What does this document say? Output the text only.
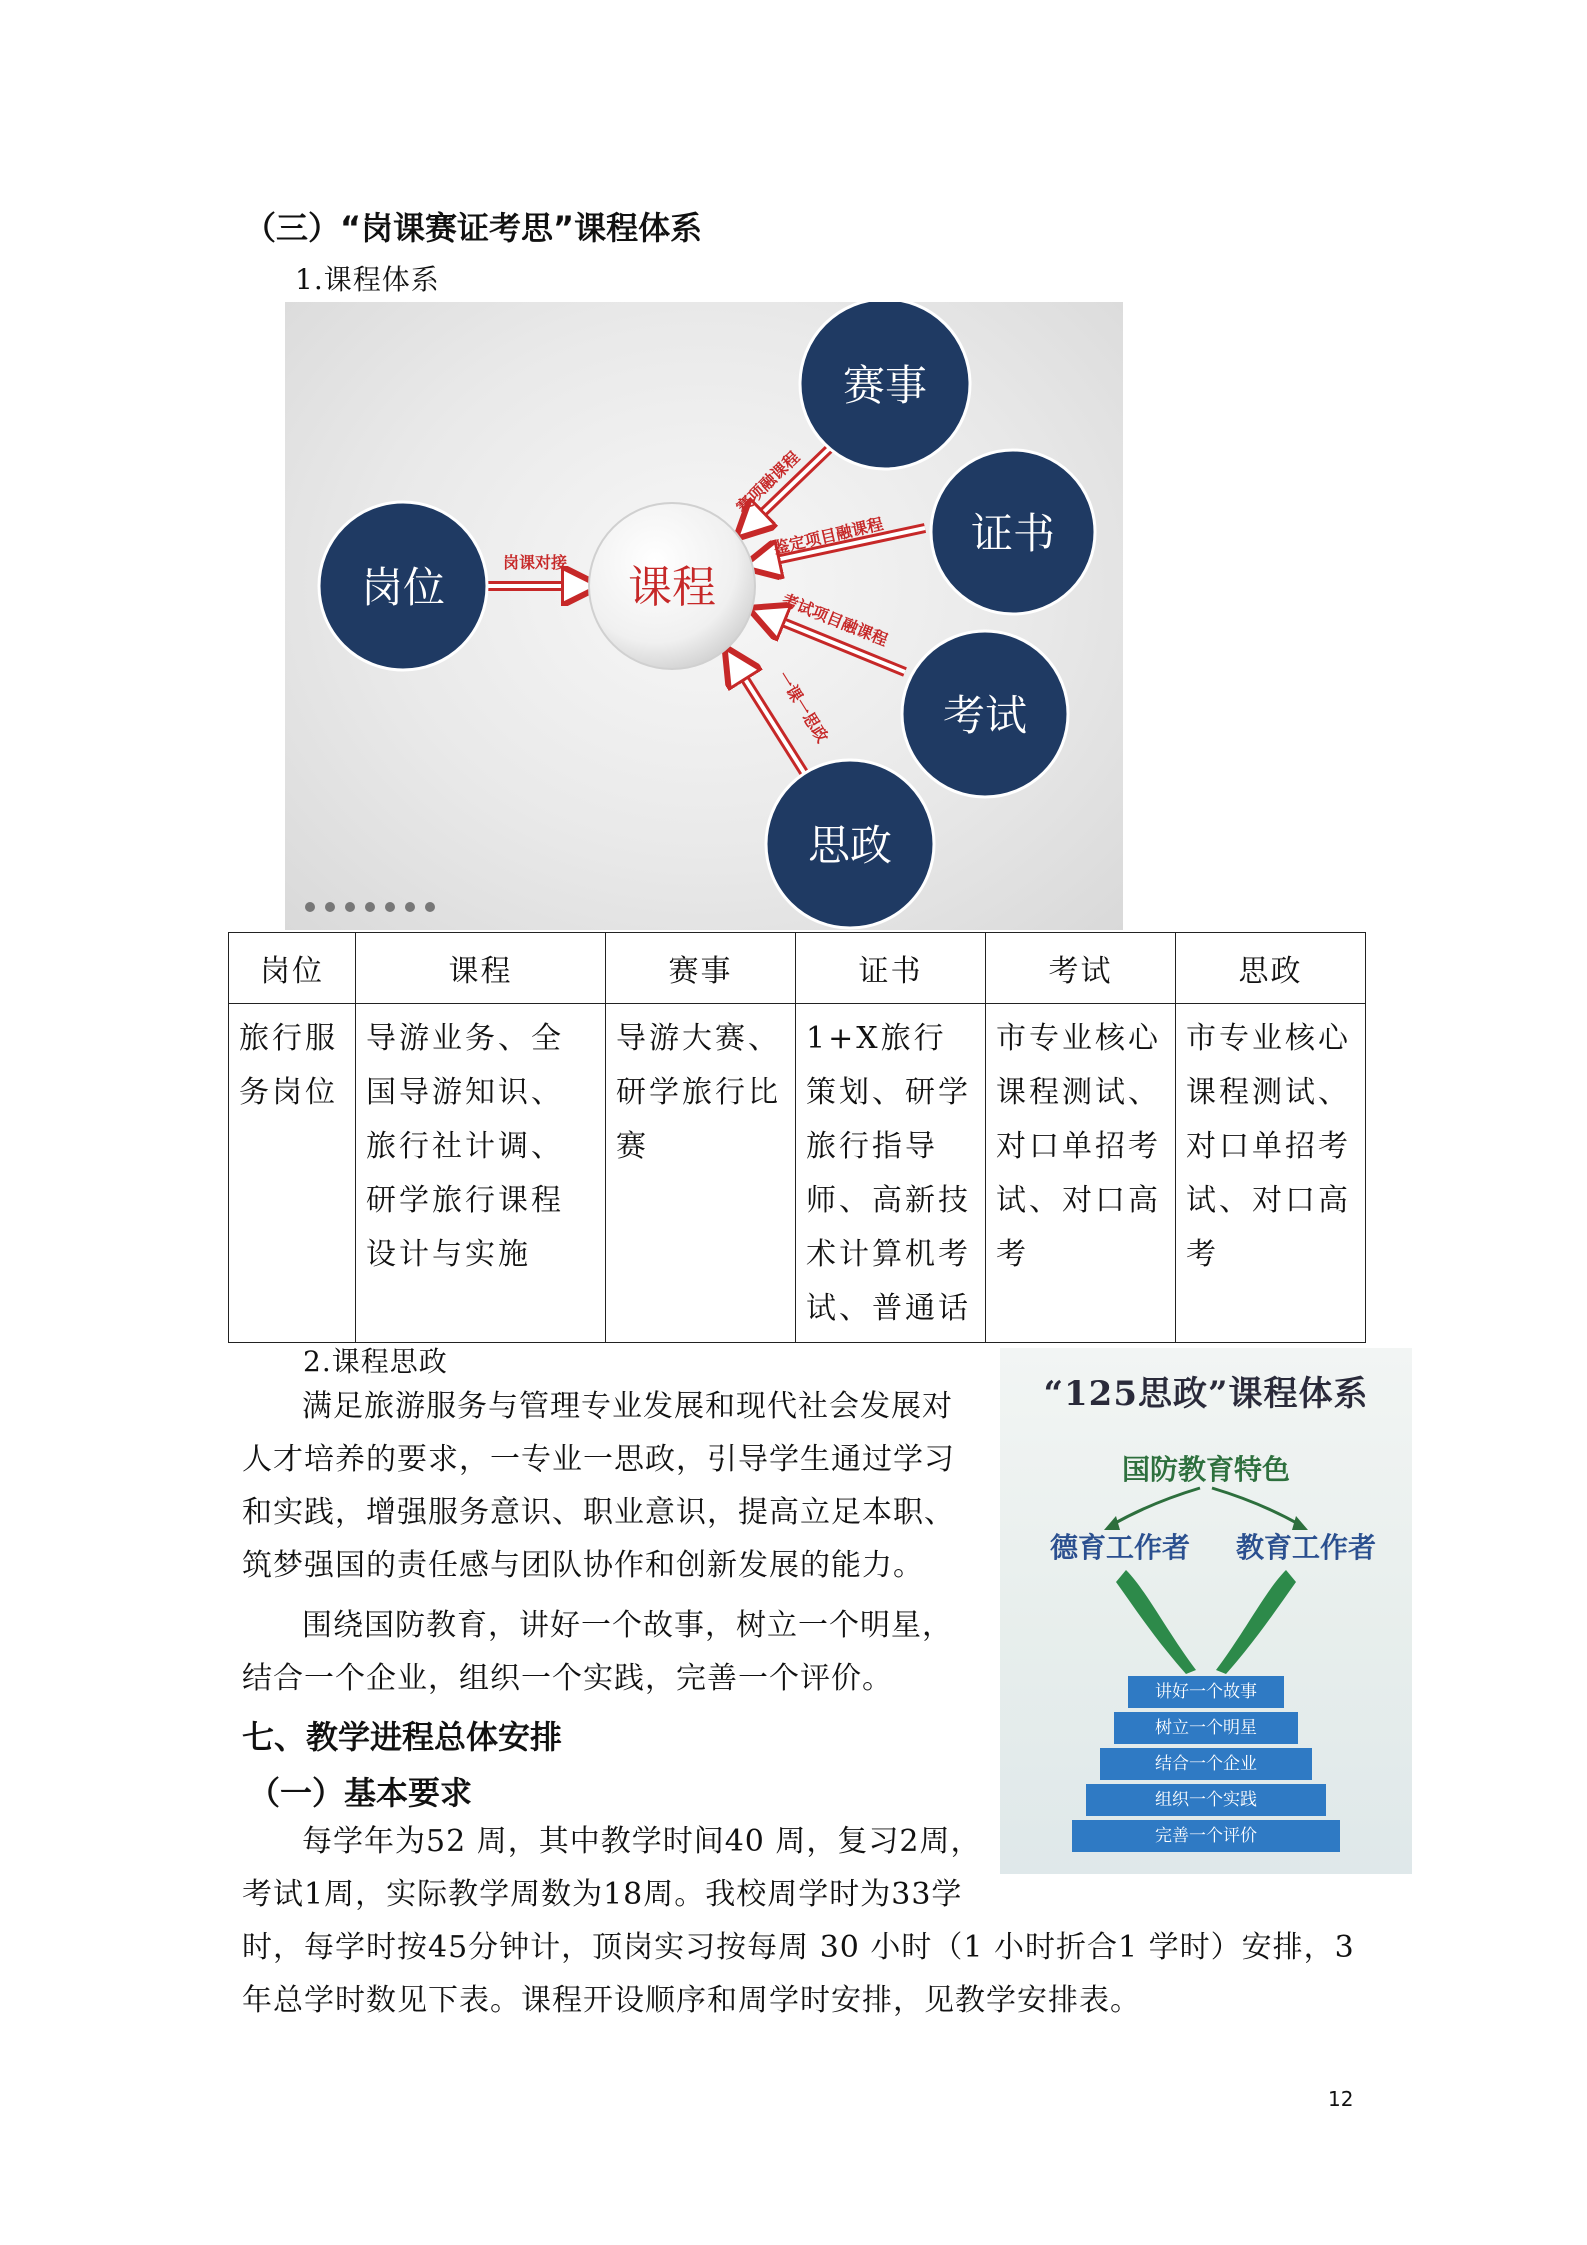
（三）“岗课赛证考思”课程体系
1.课程体系
岗课对接
赛项融课程
鉴定项目融课程
考试项目融课程
一课一思政
课程
岗位
赛事
证书
考试
思政
岗位	课程	赛事	证书	考试	思政
旅行服务岗位	导游业务、全国导游知识、旅行社计调、研学旅行课程设计与实施	导游大赛、研学旅行比赛	1+X旅行策划、研学旅行指导师、高新技术计算机考试、普通话	市专业核心课程测试、对口单招考试、对口高考	市专业核心课程测试、对口单招考试、对口高考
2.课程思政
满足旅游服务与管理专业发展和现代社会发展对人才培养的要求，一专业一思政，引导学生通过学习和实践，增强服务意识、职业意识，提高立足本职、筑梦强国的责任感与团队协作和创新发展的能力。
围绕国防教育，讲好一个故事，树立一个明星，结合一个企业，组织一个实践，完善一个评价。
“125思政”课程体系
国防教育特色
德育工作者 教育工作者
讲好一个故事
树立一个明星
结合一个企业
组织一个实践
完善一个评价
七、教学进程总体安排
（一）基本要求
每学年为52 周，其中教学时间40 周，复习2周，考试1周，实际教学周数为18周。我校周学时为33学时，每学时按45分钟计，顶岗实习按每周 30 小时（1 小时折合1 学时）安排，3 年总学时数见下表。课程开设顺序和周学时安排，见教学安排表。
12
